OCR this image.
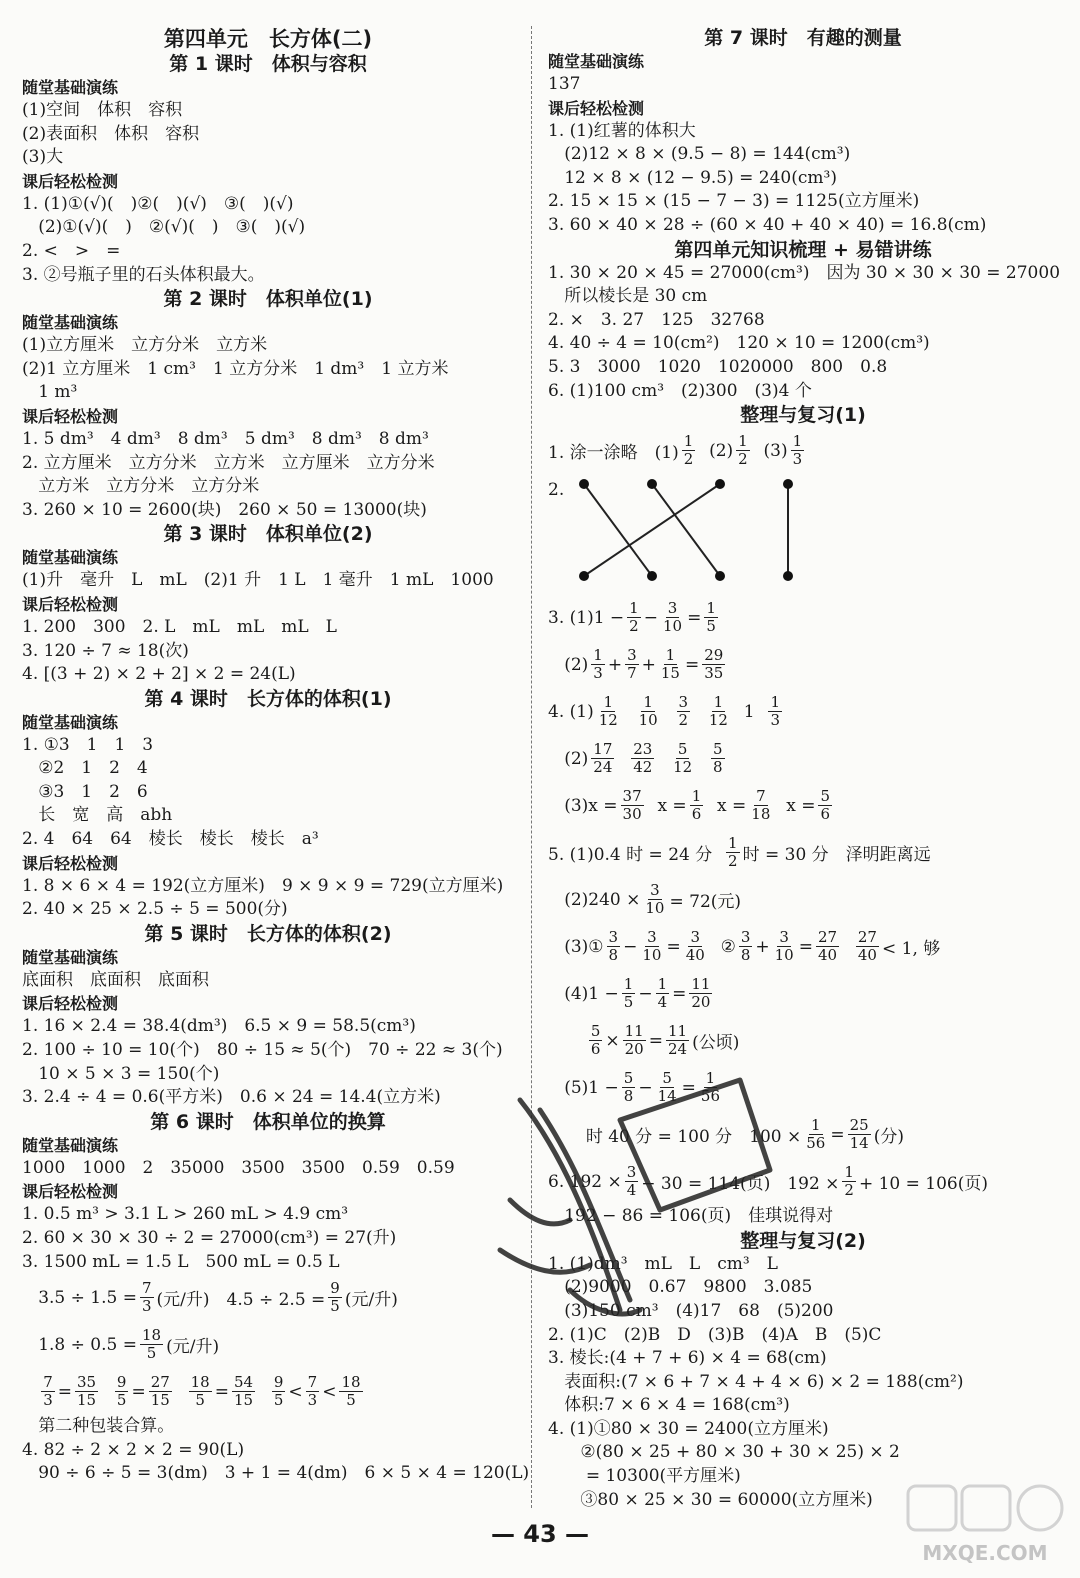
第四单元　长方体(二)
第 1 课时　体积与容积
随堂基础演练
(1)空间　体积　容积
(2)表面积　体积　容积
(3)大
课后轻松检测
1. (1)①(√)(　)②(　)(√)　③(　)(√)
(2)①(√)(　)　②(√)(　)　③(　)(√)
2. <　>　=
3. ②号瓶子里的石头体积最大。
第 2 课时　体积单位(1)
随堂基础演练
(1)立方厘米　立方分米　立方米
(2)1 立方厘米　1 cm³　1 立方分米　1 dm³　1 立方米
1 m³
课后轻松检测
1. 5 dm³　4 dm³　8 dm³　5 dm³　8 dm³　8 dm³
2. 立方厘米　立方分米　立方米　立方厘米　立方分米
立方米　立方分米　立方分米
3. 260 × 10 = 2600(块)　260 × 50 = 13000(块)
第 3 课时　体积单位(2)
随堂基础演练
(1)升　毫升　L　mL　(2)1 升　1 L　1 毫升　1 mL　1000
课后轻松检测
1. 200　300　2. L　mL　mL　mL　L
3. 120 ÷ 7 ≈ 18(次)
4. [(3 + 2) × 2 + 2] × 2 = 24(L)
第 4 课时　长方体的体积(1)
随堂基础演练
1. ①3　1　1　3
②2　1　2　4
③3　1　2　6
长　宽　高　abh
2. 4　64　64　棱长　棱长　棱长　a³
课后轻松检测
1. 8 × 6 × 4 = 192(立方厘米)　9 × 9 × 9 = 729(立方厘米)
2. 40 × 25 × 2.5 ÷ 5 = 500(分)
第 5 课时　长方体的体积(2)
随堂基础演练
底面积　底面积　底面积
课后轻松检测
1. 16 × 2.4 = 38.4(dm³)　6.5 × 9 = 58.5(cm³)
2. 100 ÷ 10 = 10(个)　80 ÷ 15 ≈ 5(个)　70 ÷ 22 ≈ 3(个)
10 × 5 × 3 = 150(个)
3. 2.4 ÷ 4 = 0.6(平方米)　0.6 × 24 = 14.4(立方米)
第 6 课时　体积单位的换算
随堂基础演练
1000　1000　2　35000　3500　3500　0.59　0.59
课后轻松检测
1. 0.5 m³ > 3.1 L > 260 mL > 4.9 cm³
2. 60 × 30 × 30 ÷ 2 = 27000(cm³) = 27(升)
3. 1500 mL = 1.5 L　500 mL = 0.5 L
$3.5 \div 1.5 = \frac{7}{3}$ (元/升)　$4.5 \div 2.5 = \frac{9}{5}$ (元/升)
$1.8 \div 0.5 = \frac{18}{5}$ (元/升)

$\frac{7}{3} = \frac{35}{15}$
$\frac{9}{5} = \frac{27}{15}$
$\frac{18}{5} = \frac{54}{15}$
$\frac{9}{5} < \frac{7}{3} < \frac{18}{5}$
第二种包装合算。
4. 82 ÷ 2 × 2 × 2 = 90(L)
90 ÷ 6 ÷ 5 = 3(dm)　3 + 1 = 4(dm)　6 × 5 × 4 = 120(L)
第 7 课时　有趣的测量
随堂基础演练
137
课后轻松检测
1. (1)红薯的体积大
(2)12 × 8 × (9.5 − 8) = 144(cm³)
12 × 8 × (12 − 9.5) = 240(cm³)
2. 15 × 15 × (15 − 7 − 3) = 1125(立方厘米)
3. 60 × 40 × 28 ÷ (60 × 40 + 40 × 40) = 16.8(cm)
第四单元知识梳理 + 易错讲练
1. 30 × 20 × 45 = 27000(cm³)　因为 30 × 30 × 30 = 27000
所以棱长是 30 cm
2. ×　3. 27　125　32768
4. 40 ÷ 4 = 10(cm²)　120 × 10 = 1200(cm³)
5. 3　3000　1020　1020000　800　0.8
6. (1)100 cm³　(2)300　(3)4 个
整理与复习(1)
1. 涂一涂略　$(1) \frac{1}{2}$
$(2) \frac{1}{2}$
$(3) \frac{1}{3}$
2.
3. $(1)1 - \frac{1}{2} - \frac{3}{10} = \frac{1}{5}$
$(2) \frac{1}{3} + \frac{3}{7} + \frac{1}{15} = \frac{29}{35}$
4. $(1) \frac{1}{12}$
$\frac{1}{10}$
$\frac{3}{2}$
$\frac{1}{12}$
1
$\frac{1}{3}$
$(2) \frac{17}{24}$
$\frac{23}{42}$
$\frac{5}{12}$
$\frac{5}{8}$
$(3)x = \frac{37}{30}$
$x = \frac{1}{6}$
$x = \frac{7}{18}$
$x = \frac{5}{6}$
5. (1)0.4 时 = 24 分
$\frac{1}{2}$ 时 = 30 分　泽明距离远
$(2)240 \times \frac{3}{10} = 72$(元)
(3)① $\frac{3}{8} - \frac{3}{10} = \frac{3}{40}$
② $\frac{3}{8} + \frac{3}{10} = \frac{27}{40}$
$\frac{27}{40} < 1$, 够
$(4)1 - \frac{1}{5} - \frac{1}{4} = \frac{11}{20}$

$\frac{5}{6} \times \frac{11}{20} = \frac{11}{24}$ (公顷)
$(5)1 - \frac{5}{8} - \frac{5}{14} = \frac{1}{56}$
时 40 分 = 100 分　$100 \times \frac{1}{56} = \frac{25}{14}$ (分)
6. $192 \times \frac{3}{4} - 30 = 114$(页)　$192 \times \frac{1}{2} + 10 = 106$(页)
192 − 86 = 106(页)　佳琪说得对
整理与复习(2)
1. (1)dm³　mL　L　cm³　L
(2)9000　0.67　9800　3.085
(3)150 cm³　(4)17　68　(5)200
2. (1)C　(2)B　D　(3)B　(4)A　B　(5)C
3. 棱长:(4 + 7 + 6) × 4 = 68(cm)
表面积:(7 × 6 + 7 × 4 + 4 × 6) × 2 = 188(cm²)
体积:7 × 6 × 4 = 168(cm³)
4. (1)①80 × 30 = 2400(立方厘米)
②(80 × 25 + 80 × 30 + 30 × 25) × 2
= 10300(平方厘米)
③80 × 25 × 30 = 60000(立方厘米)
MXQE.COM
— 43 —
